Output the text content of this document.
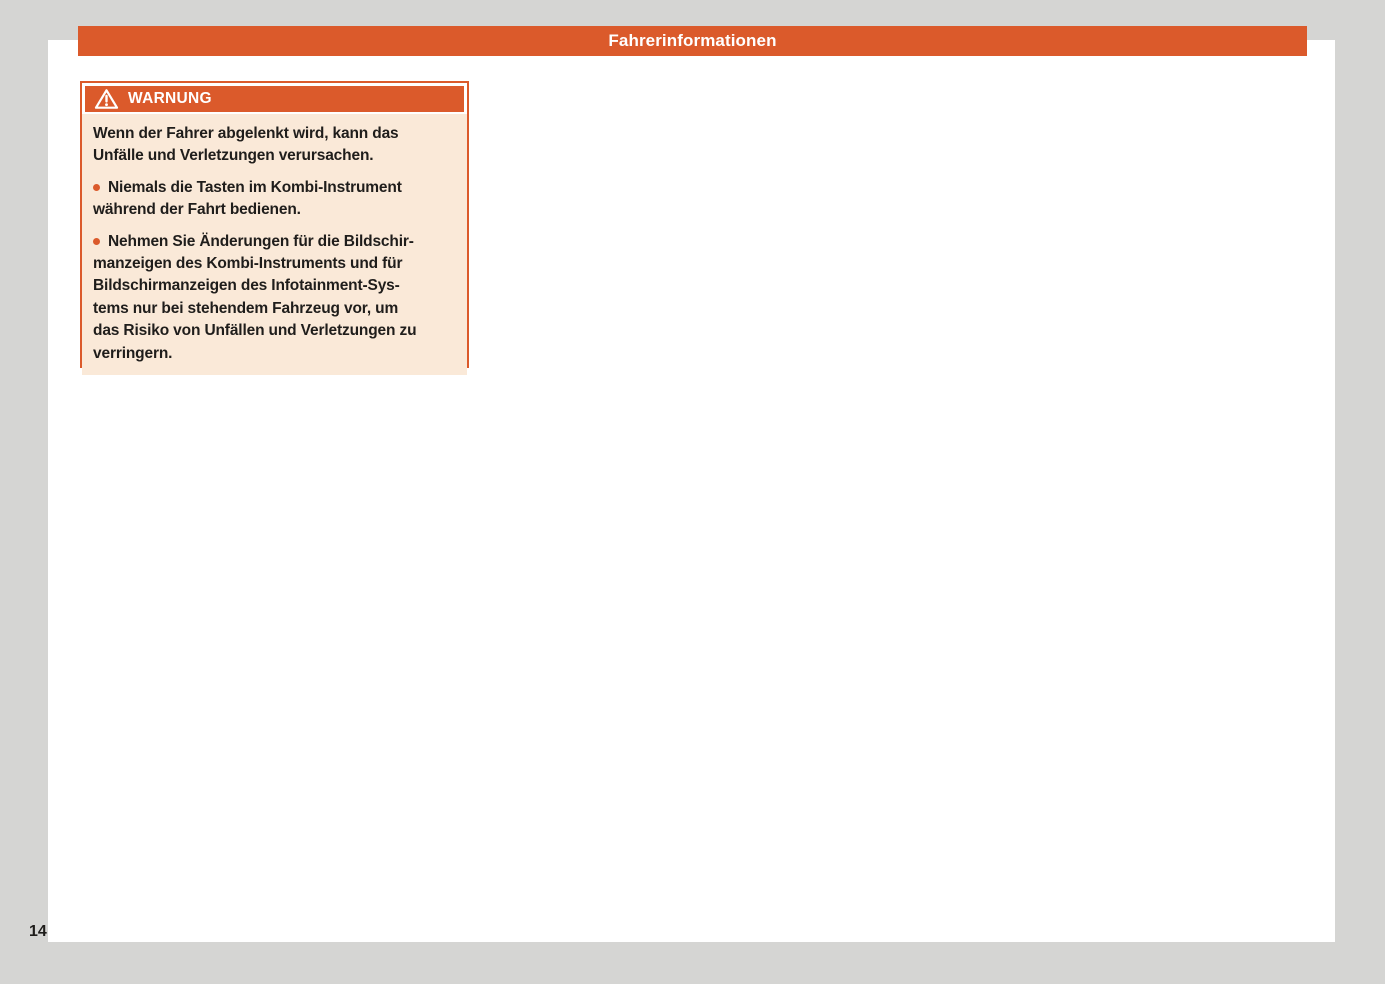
Fahrerinformationen
WARNUNG

Wenn der Fahrer abgelenkt wird, kann das
Unfälle und Verletzungen verursachen.

Niemals die Tasten im Kombi-Instrument
während der Fahrt bedienen.

Nehmen Sie Änderungen für die Bildschir-
manzeigen des Kombi-Instruments und für
Bildschirmanzeigen des Infotainment-Sys-
tems nur bei stehendem Fahrzeug vor, um
das Risiko von Unfällen und Verletzungen zu
verringern.

14
